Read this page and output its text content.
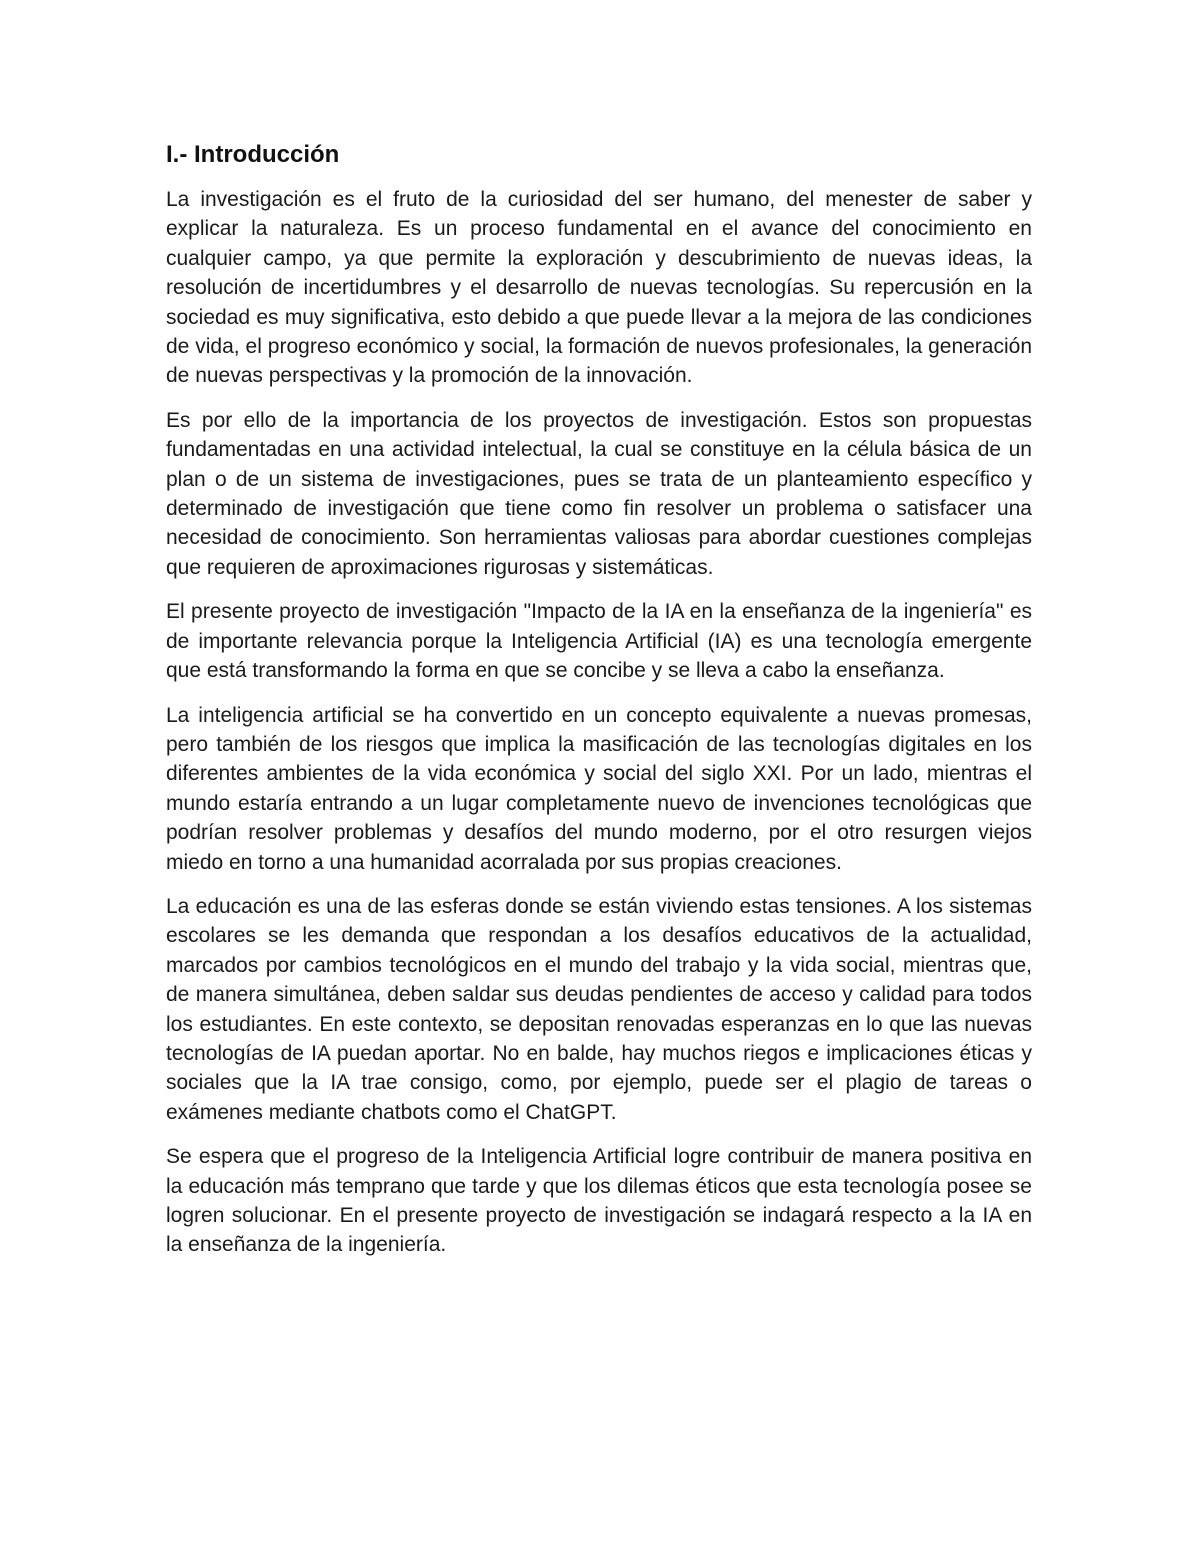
I.- Introducción

La investigación es el fruto de la curiosidad del ser humano, del menester de saber y explicar la naturaleza. Es un proceso fundamental en el avance del conocimiento en cualquier campo, ya que permite la exploración y descubrimiento de nuevas ideas, la resolución de incertidumbres y el desarrollo de nuevas tecnologías. Su repercusión en la sociedad es muy significativa, esto debido a que puede llevar a la mejora de las condiciones de vida, el progreso económico y social, la formación de nuevos profesionales, la generación de nuevas perspectivas y la promoción de la innovación.

Es por ello de la importancia de los proyectos de investigación. Estos son propuestas fundamentadas en una actividad intelectual, la cual se constituye en la célula básica de un plan o de un sistema de investigaciones, pues se trata de un planteamiento específico y determinado de investigación que tiene como fin resolver un problema o satisfacer una necesidad de conocimiento. Son herramientas valiosas para abordar cuestiones complejas que requieren de aproximaciones rigurosas y sistemáticas.

El presente proyecto de investigación "Impacto de la IA en la enseñanza de la ingeniería" es de importante relevancia porque la Inteligencia Artificial (IA) es una tecnología emergente que está transformando la forma en que se concibe y se lleva a cabo la enseñanza.

La inteligencia artificial se ha convertido en un concepto equivalente a nuevas promesas, pero también de los riesgos que implica la masificación de las tecnologías digitales en los diferentes ambientes de la vida económica y social del siglo XXI. Por un lado, mientras el mundo estaría entrando a un lugar completamente nuevo de invenciones tecnológicas que podrían resolver problemas y desafíos del mundo moderno, por el otro resurgen viejos miedo en torno a una humanidad acorralada por sus propias creaciones.

La educación es una de las esferas donde se están viviendo estas tensiones. A los sistemas escolares se les demanda que respondan a los desafíos educativos de la actualidad, marcados por cambios tecnológicos en el mundo del trabajo y la vida social, mientras que, de manera simultánea, deben saldar sus deudas pendientes de acceso y calidad para todos los estudiantes. En este contexto, se depositan renovadas esperanzas en lo que las nuevas tecnologías de IA puedan aportar. No en balde, hay muchos riegos e implicaciones éticas y sociales que la IA trae consigo, como, por ejemplo, puede ser el plagio de tareas o exámenes mediante chatbots como el ChatGPT.

Se espera que el progreso de la Inteligencia Artificial logre contribuir de manera positiva en la educación más temprano que tarde y que los dilemas éticos que esta tecnología posee se logren solucionar. En el presente proyecto de investigación se indagará respecto a la IA en la enseñanza de la ingeniería.
